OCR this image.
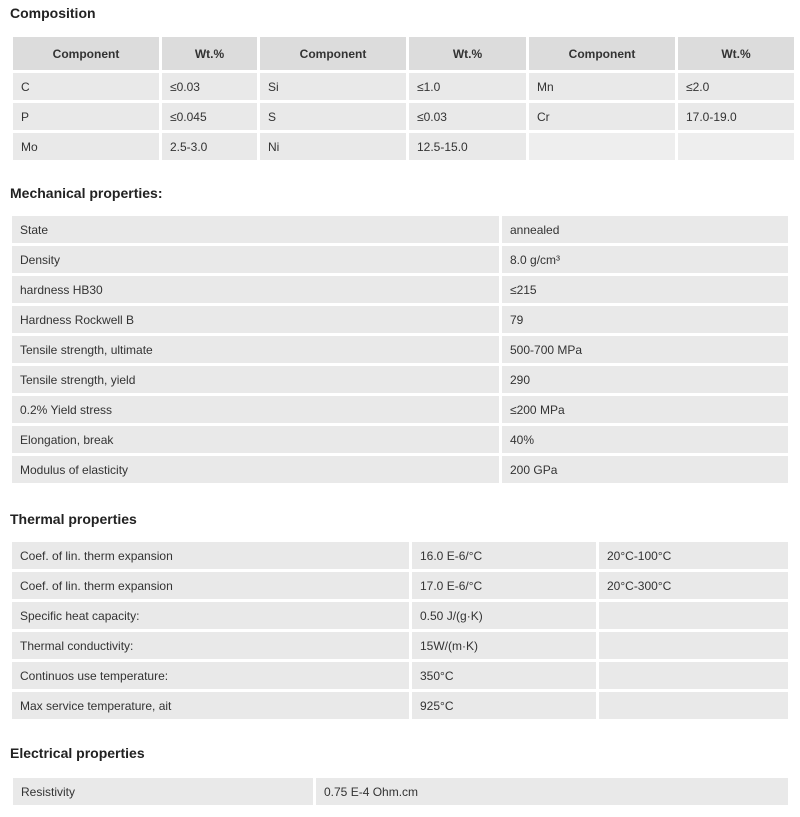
Composition
Component	Wt.%	Component	Wt.%	Component	Wt.%
C	≤0.03	Si	≤1.0	Mn	≤2.0
P	≤0.045	S	≤0.03	Cr	17.0-19.0
Mo	2.5-3.0	Ni	12.5-15.0		
Mechanical properties:
State	annealed
Density	8.0 g/cm³
hardness HB30	≤215
Hardness Rockwell B	79
Tensile strength, ultimate	500-700 MPa
Tensile strength, yield	290
0.2% Yield stress	≤200 MPa
Elongation, break	40%
Modulus of elasticity	200 GPa
Thermal properties
Coef. of lin. therm expansion	16.0 E-6/°C	20°C-100°C
Coef. of lin. therm expansion	17.0 E-6/°C	20°C-300°C
Specific heat capacity:	0.50 J/(g·K)	
Thermal conductivity:	15W/(m·K)	
Continuos use temperature:	350°C	
Max service temperature, ait	925°C	
Electrical properties
Resistivity	0.75 E-4 Ohm.cm
